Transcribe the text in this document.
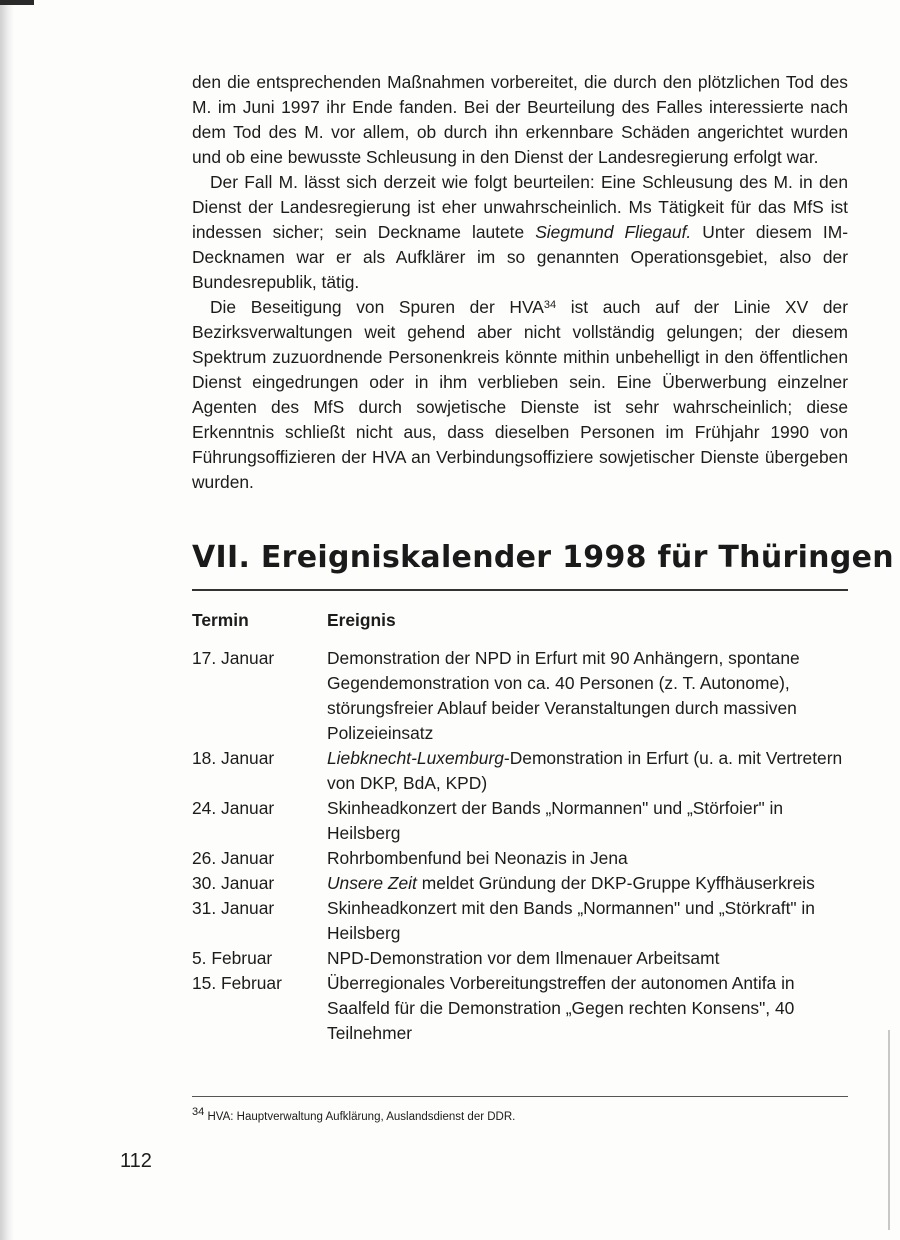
den die entsprechenden Maßnahmen vorbereitet, die durch den plötzlichen Tod des M. im Juni 1997 ihr Ende fanden. Bei der Beurteilung des Falles interessierte nach dem Tod des M. vor allem, ob durch ihn erkennbare Schäden angerichtet wurden und ob eine bewusste Schleusung in den Dienst der Landesregierung erfolgt war.

Der Fall M. lässt sich derzeit wie folgt beurteilen: Eine Schleusung des M. in den Dienst der Landesregierung ist eher unwahrscheinlich. Ms Tätigkeit für das MfS ist indessen sicher; sein Deckname lautete Siegmund Fliegauf. Unter diesem IM-Decknamen war er als Aufklärer im so genannten Operationsgebiet, also der Bundesrepublik, tätig.

Die Beseitigung von Spuren der HVA$^{34}$ ist auch auf der Linie XV der Bezirksverwaltungen weit gehend aber nicht vollständig gelungen; der diesem Spektrum zuzuordnende Personenkreis könnte mithin unbehelligt in den öffentlichen Dienst eingedrungen oder in ihm verblieben sein. Eine Überwerbung einzelner Agenten des MfS durch sowjetische Dienste ist sehr wahrscheinlich; diese Erkenntnis schließt nicht aus, dass dieselben Personen im Frühjahr 1990 von Führungsoffizieren der HVA an Verbindungsoffiziere sowjetischer Dienste übergeben wurden.

VII. Ereigniskalender 1998 für Thüringen
Termin	Ereignis
17. Januar	Demonstration der NPD in Erfurt mit 90 Anhängern, spontane Gegendemonstration von ca. 40 Personen (z. T. Autonome), störungsfreier Ablauf beider Veranstaltungen durch massiven Polizeieinsatz
18. Januar	Liebknecht-Luxemburg-Demonstration in Erfurt (u. a. mit Vertretern von DKP, BdA, KPD)
24. Januar	Skinheadkonzert der Bands „Normannen" und „Störfoier" in Heilsberg
26. Januar	Rohrbombenfund bei Neonazis in Jena
30. Januar	Unsere Zeit meldet Gründung der DKP-Gruppe Kyffhäuserkreis
31. Januar	Skinheadkonzert mit den Bands „Normannen" und „Störkraft" in Heilsberg
5. Februar	NPD-Demonstration vor dem Ilmenauer Arbeitsamt
15. Februar	Überregionales Vorbereitungstreffen der autonomen Antifa in Saalfeld für die Demonstration „Gegen rechten Konsens", 40 Teilnehmer
$^{34}$ HVA: Hauptverwaltung Aufklärung, Auslandsdienst der DDR.
112
